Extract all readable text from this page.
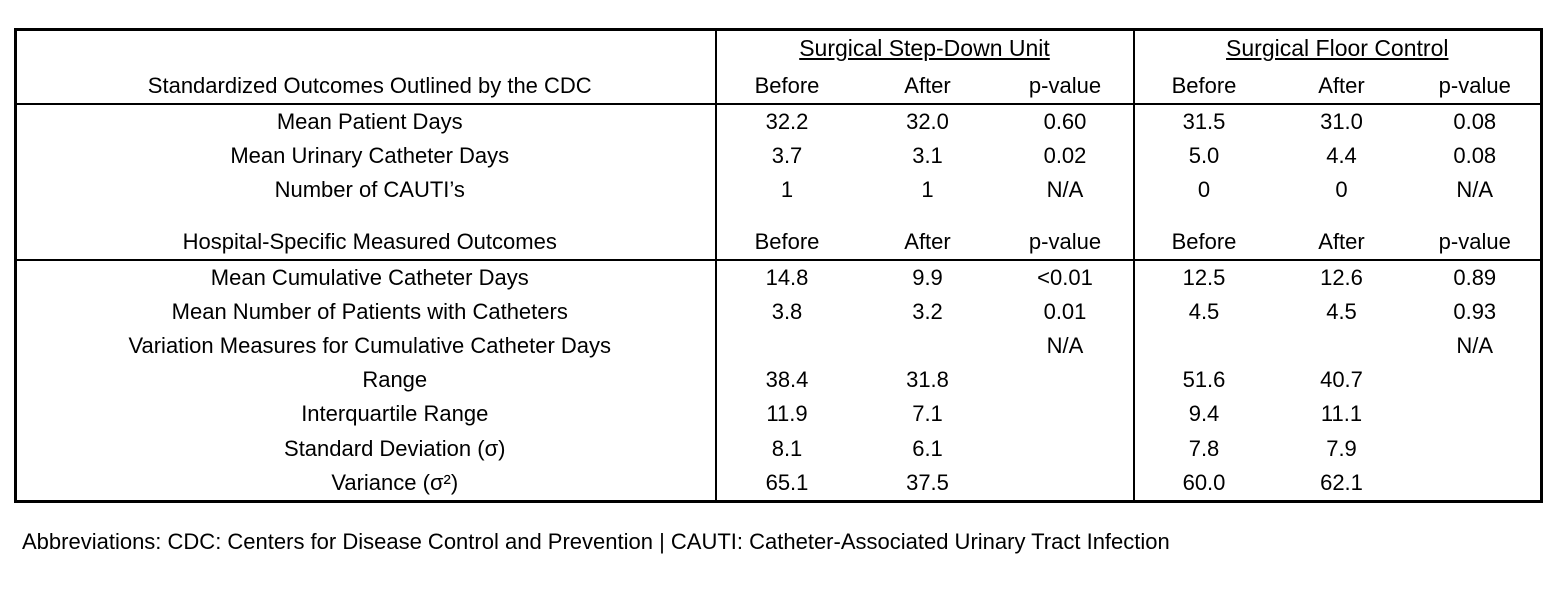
	Surgical Step-Down Unit			Surgical Floor Control		
Standardized Outcomes Outlined by the CDC	Before	After	p-value	Before	After	p-value
Mean Patient Days	32.2	32.0	0.60	31.5	31.0	0.08
Mean Urinary Catheter Days	3.7	3.1	0.02	5.0	4.4	0.08
Number of CAUTI’s	1	1	N/A	0	0	N/A

Hospital-Specific Measured Outcomes	Before	After	p-value	Before	After	p-value
Mean Cumulative Catheter Days	14.8	9.9	<0.01	12.5	12.6	0.89
Mean Number of Patients with Catheters	3.8	3.2	0.01	4.5	4.5	0.93
Variation Measures for Cumulative Catheter Days			N/A			N/A
Range	38.4	31.8		51.6	40.7	
Interquartile Range	11.9	7.1		9.4	11.1	
Standard Deviation (σ)	8.1	6.1		7.8	7.9	
Variance (σ²)	65.1	37.5		60.0	62.1	
Abbreviations: CDC: Centers for Disease Control and Prevention | CAUTI: Catheter-Associated Urinary Tract Infection
